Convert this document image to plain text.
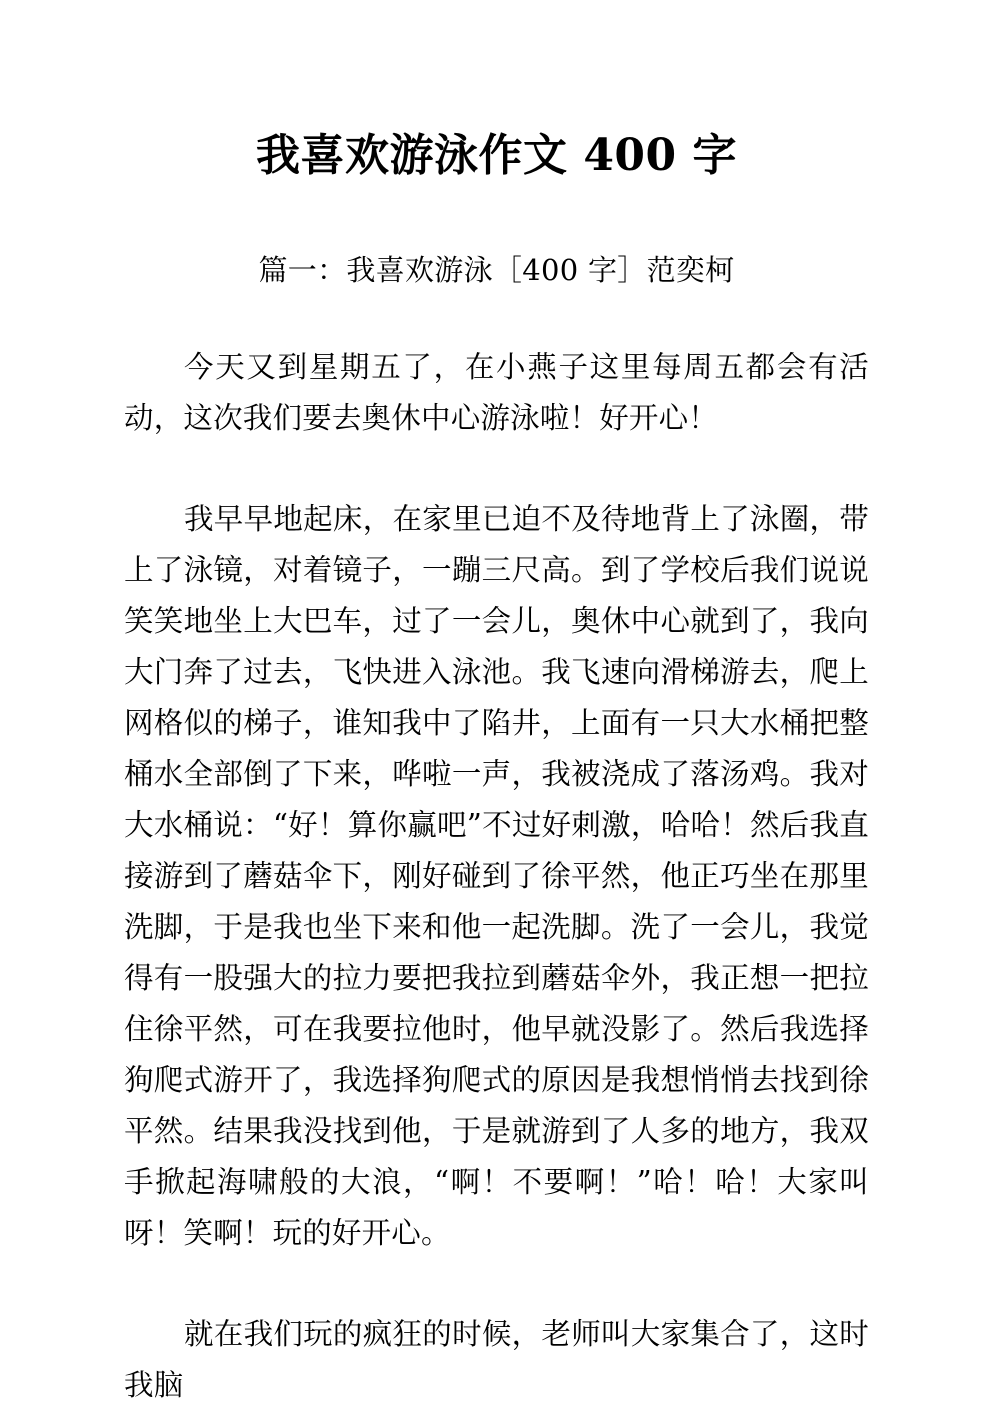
我喜欢游泳作文 400 字

篇一：我喜欢游泳［400 字］范奕柯

今天又到星期五了，在小燕子这里每周五都会有活动，这次我们要去奥休中心游泳啦！好开心！

我早早地起床，在家里已迫不及待地背上了泳圈，带上了泳镜，对着镜子，一蹦三尺高。到了学校后我们说说笑笑地坐上大巴车，过了一会儿，奥休中心就到了，我向大门奔了过去，飞快进入泳池。我飞速向滑梯游去，爬上网格似的梯子，谁知我中了陷井，上面有一只大水桶把整桶水全部倒了下来，哗啦一声，我被浇成了落汤鸡。我对大水桶说：“好！算你赢吧”不过好刺激，哈哈！然后我直接游到了蘑菇伞下，刚好碰到了徐平然，他正巧坐在那里洗脚，于是我也坐下来和他一起洗脚。洗了一会儿，我觉得有一股强大的拉力要把我拉到蘑菇伞外，我正想一把拉住徐平然，可在我要拉他时，他早就没影了。然后我选择狗爬式游开了，我选择狗爬式的原因是我想悄悄去找到徐平然。结果我没找到他，于是就游到了人多的地方，我双手掀起海啸般的大浪，“啊！不要啊！”哈！哈！大家叫呀！笑啊！玩的好开心。

就在我们玩的疯狂的时候，老师叫大家集合了，这时我脑
